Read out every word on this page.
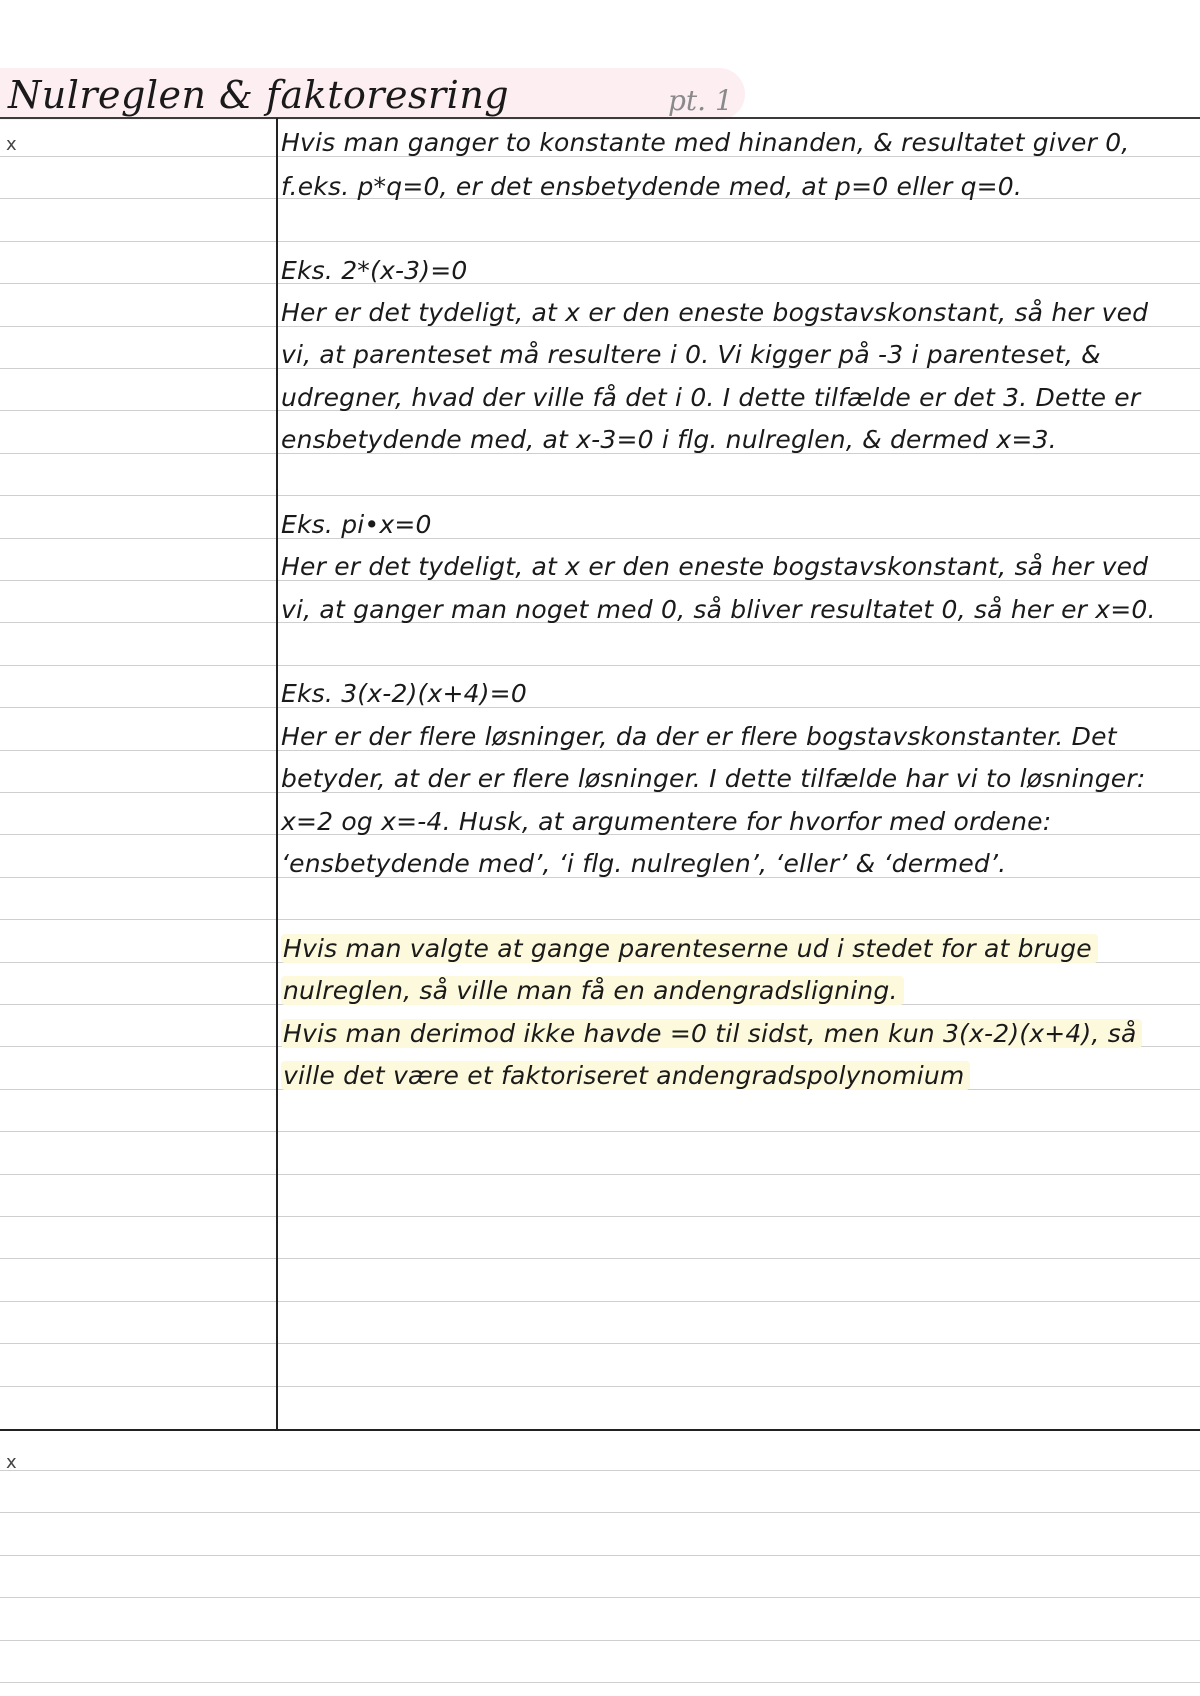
Nulreglen & faktoresring	pt. 1
x
x
Hvis man ganger to konstante med hinanden, & resultatet giver 0,
f.eks. p*q=0, er det ensbetydende med, at p=0 eller q=0.
Eks. 2*(x-3)=0
Her er det tydeligt, at x er den eneste bogstavskonstant, så her ved
vi, at parenteset må resultere i 0. Vi kigger på -3 i parenteset, &
udregner, hvad der ville få det i 0. I dette tilfælde er det 3. Dette er
ensbetydende med, at x-3=0 i flg. nulreglen, & dermed x=3.
Eks. pi•x=0
Her er det tydeligt, at x er den eneste bogstavskonstant, så her ved
vi, at ganger man noget med 0, så bliver resultatet 0, så her er x=0.
Eks. 3(x-2)(x+4)=0
Her er der flere løsninger, da der er flere bogstavskonstanter. Det
betyder, at der er flere løsninger. I dette tilfælde har vi to løsninger:
x=2 og x=-4. Husk, at argumentere for hvorfor med ordene:
‘ensbetydende med’, ‘i flg. nulreglen’, ‘eller’ & ‘dermed’.
Hvis man valgte at gange parenteserne ud i stedet for at bruge
nulreglen, så ville man få en andengradsligning.
Hvis man derimod ikke havde =0 til sidst, men kun 3(x-2)(x+4), så
ville det være et faktoriseret andengradspolynomium
